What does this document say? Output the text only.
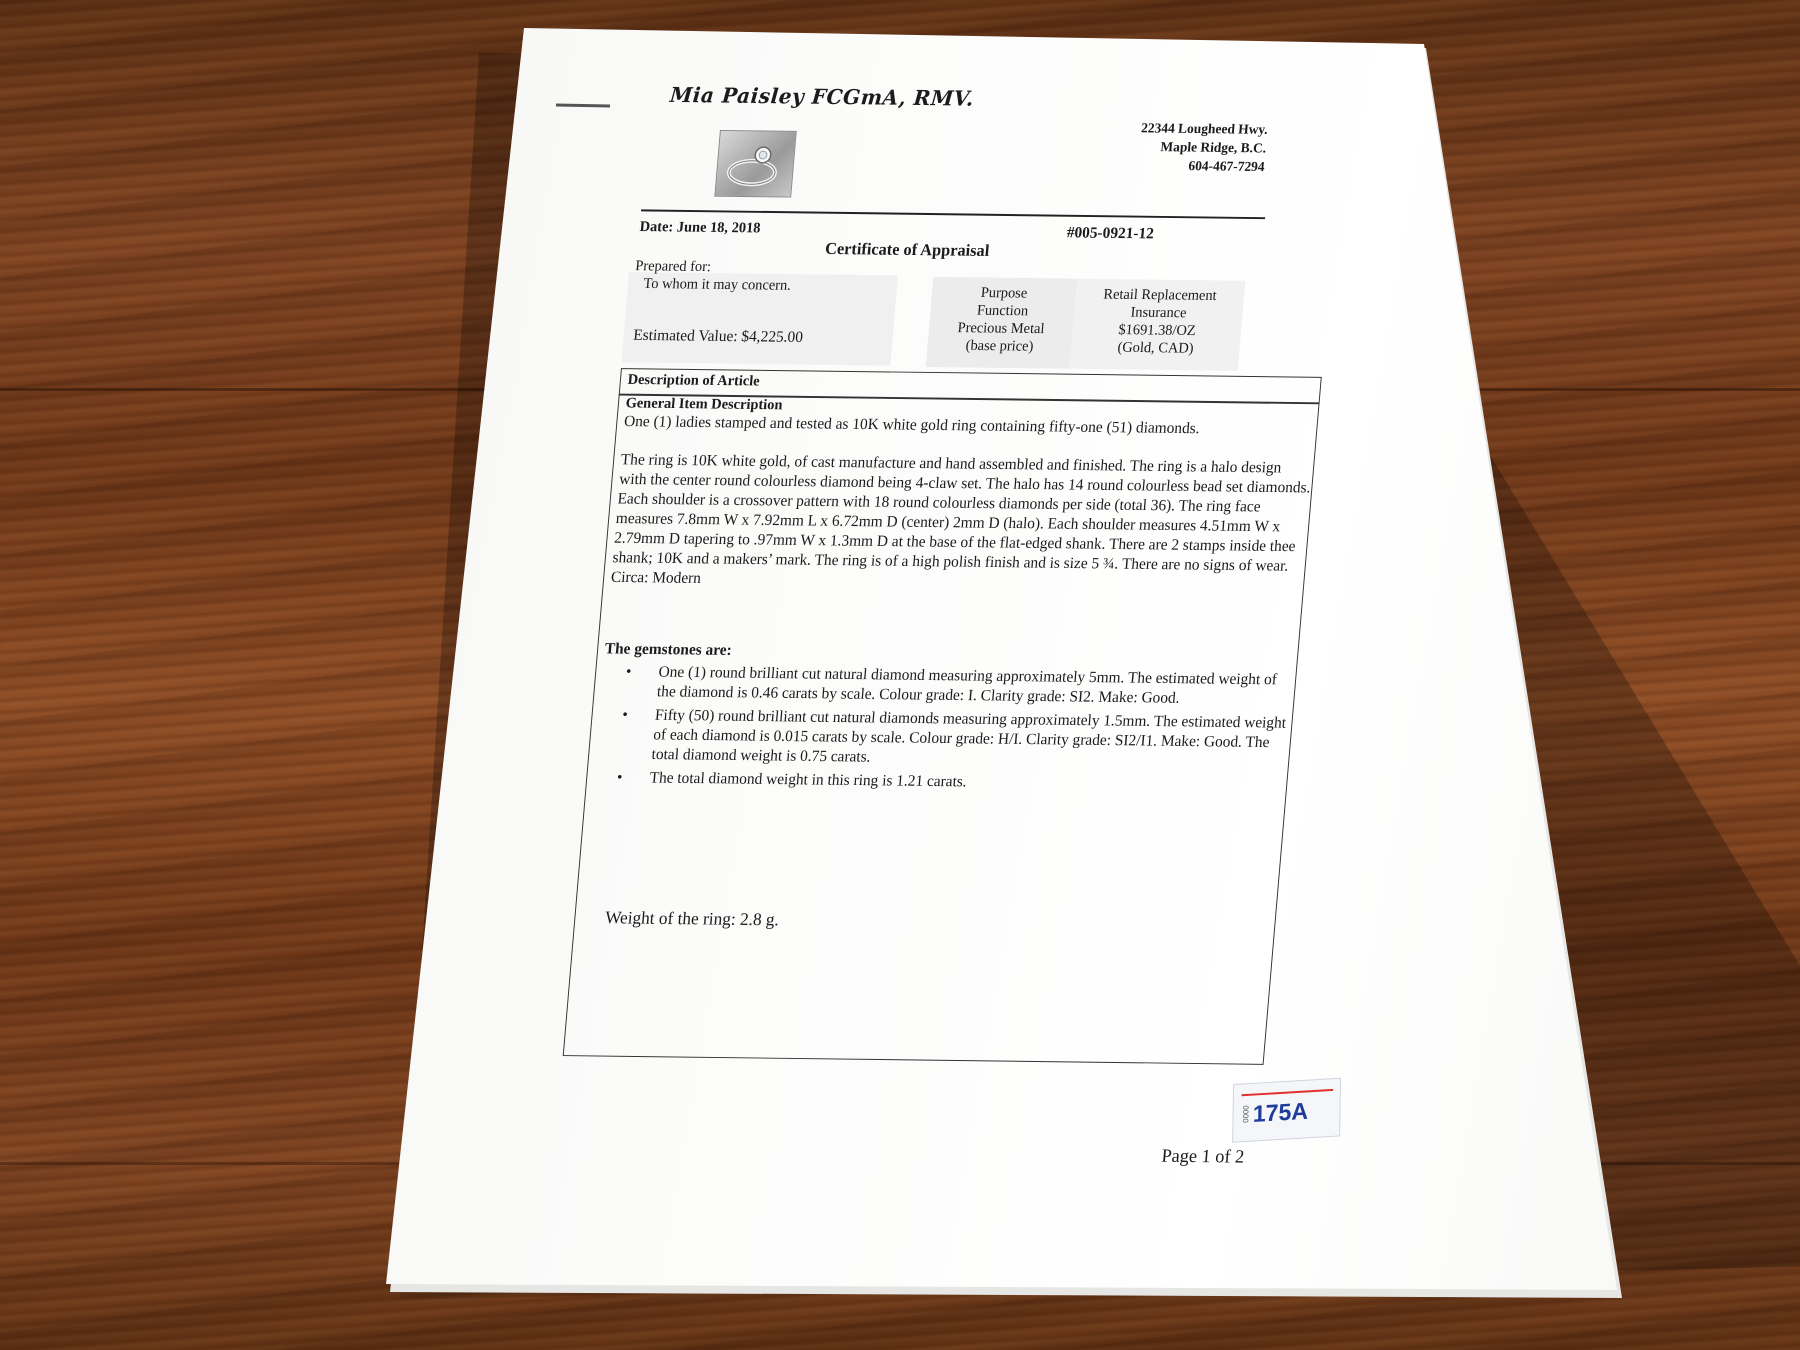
Mia Paisley FCGmA, RMV.
22344 Lougheed Hwy.
Maple Ridge, B.C.
604-467-7294
Date: June 18, 2018	#005-0921-12
Certificate of Appraisal
Prepared for:
To whom it may concern.
Estimated Value: $4,225.00
Purpose
Function
Precious Metal
(base price)
Retail Replacement
Insurance
$1691.38/OZ
(Gold, CAD)
Description of Article
General Item Description
One (1) ladies stamped and tested as 10K white gold ring containing fifty-one (51) diamonds.
The ring is 10K white gold, of cast manufacture and hand assembled and finished. The ring is a halo design with the center round colourless diamond being 4-claw set. The halo has 14 round colourless bead set diamonds. Each shoulder is a crossover pattern with 18 round colourless diamonds per side (total 36). The ring face measures 7.8mm W x 7.92mm L x 6.72mm D (center) 2mm D (halo). Each shoulder measures 4.51mm W x 2.79mm D tapering to .97mm W x 1.3mm D at the base of the flat-edged shank. There are 2 stamps inside thee shank; 10K and a makers’ mark. The ring is of a high polish finish and is size 5 ¾. There are no signs of wear. Circa: Modern
The gemstones are:
• One (1) round brilliant cut natural diamond measuring approximately 5mm. The estimated weight of the diamond is 0.46 carats by scale. Colour grade: I. Clarity grade: SI2. Make: Good.
• Fifty (50) round brilliant cut natural diamonds measuring approximately 1.5mm. The estimated weight of each diamond is 0.015 carats by scale. Colour grade: H/I. Clarity grade: SI2/I1. Make: Good. The total diamond weight is 0.75 carats.
• The total diamond weight in this ring is 1.21 carats.
Weight of the ring: 2.8 g.
0000 175A
Page 1 of 2
